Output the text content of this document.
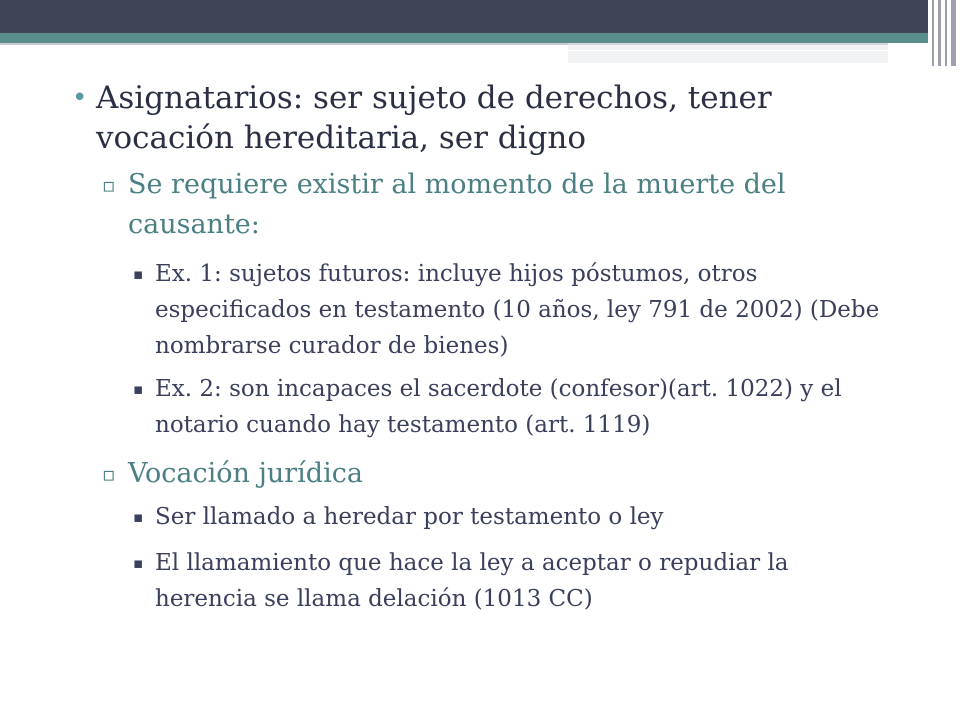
• Asignatarios: ser sujeto de derechos, tener vocación hereditaria, ser digno
▫ Se requiere existir al momento de la muerte del causante:
▪ Ex. 1: sujetos futuros: incluye hijos póstumos, otros especificados en testamento (10 años, ley 791 de 2002) (Debe nombrarse curador de bienes)
▪ Ex. 2: son incapaces el sacerdote (confesor)(art. 1022) y el notario cuando hay testamento (art. 1119)
▫ Vocación jurídica
▪ Ser llamado a heredar por testamento o ley
▪ El llamamiento que hace la ley a aceptar o repudiar la herencia se llama delación (1013 CC)
